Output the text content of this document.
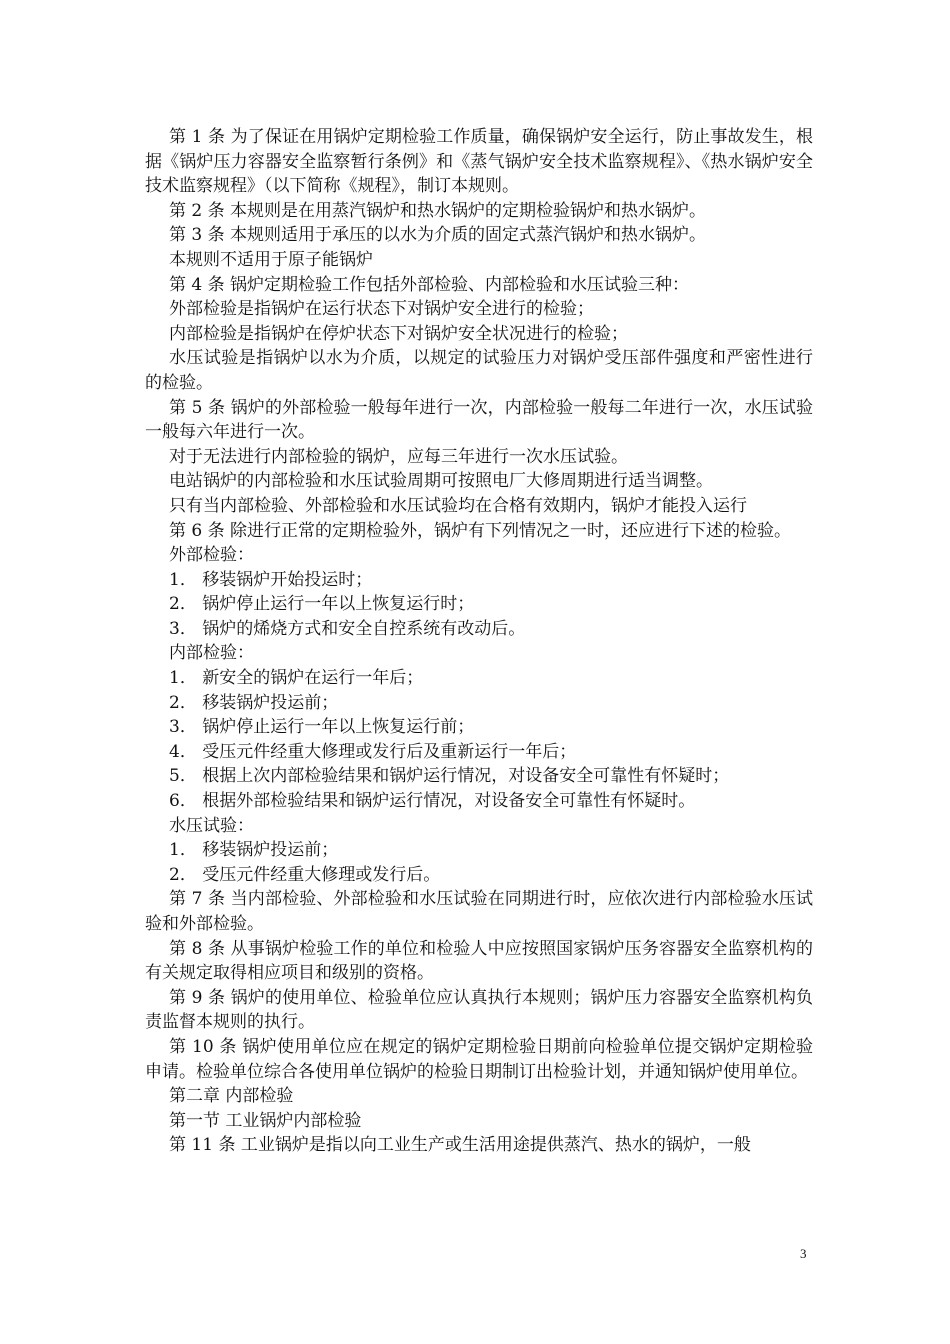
第 1 条 为了保证在用锅炉定期检验工作质量，确保锅炉安全运行，防止事故发生，根据《锅炉压力容器安全监察暂行条例》和《蒸气锅炉安全技术监察规程》、《热水锅炉安全技术监察规程》（以下简称《规程》，制订本规则。

第 2 条 本规则是在用蒸汽锅炉和热水锅炉的定期检验锅炉和热水锅炉。

第 3 条 本规则适用于承压的以水为介质的固定式蒸汽锅炉和热水锅炉。

本规则不适用于原子能锅炉

第 4 条 锅炉定期检验工作包括外部检验、内部检验和水压试验三种：

外部检验是指锅炉在运行状态下对锅炉安全进行的检验；

内部检验是指锅炉在停炉状态下对锅炉安全状况进行的检验；

水压试验是指锅炉以水为介质，以规定的试验压力对锅炉受压部件强度和严密性进行的检验。

第 5 条 锅炉的外部检验一般每年进行一次，内部检验一般每二年进行一次，水压试验一般每六年进行一次。

对于无法进行内部检验的锅炉，应每三年进行一次水压试验。

电站锅炉的内部检验和水压试验周期可按照电厂大修周期进行适当调整。

只有当内部检验、外部检验和水压试验均在合格有效期内，锅炉才能投入运行

第 6 条 除进行正常的定期检验外，锅炉有下列情况之一时，还应进行下述的检验。

外部检验：

1． 移装锅炉开始投运时；

2． 锅炉停止运行一年以上恢复运行时；

3． 锅炉的烯烧方式和安全自控系统有改动后。

内部检验：

1． 新安全的锅炉在运行一年后；

2． 移装锅炉投运前；

3． 锅炉停止运行一年以上恢复运行前；

4． 受压元件经重大修理或发行后及重新运行一年后；

5． 根据上次内部检验结果和锅炉运行情况，对设备安全可靠性有怀疑时；

6． 根据外部检验结果和锅炉运行情况，对设备安全可靠性有怀疑时。

水压试验：

1． 移装锅炉投运前；

2． 受压元件经重大修理或发行后。

第 7 条 当内部检验、外部检验和水压试验在同期进行时，应依次进行内部检验水压试验和外部检验。

第 8 条 从事锅炉检验工作的单位和检验人中应按照国家锅炉压务容器安全监察机构的有关规定取得相应项目和级别的资格。

第 9 条 锅炉的使用单位、检验单位应认真执行本规则；锅炉压力容器安全监察机构负责监督本规则的执行。

第 10 条 锅炉使用单位应在规定的锅炉定期检验日期前向检验单位提交锅炉定期检验申请。检验单位综合各使用单位锅炉的检验日期制订出检验计划，并通知锅炉使用单位。

第二章 内部检验

第一节 工业锅炉内部检验

第 11 条 工业锅炉是指以向工业生产或生活用途提供蒸汽、热水的锅炉，一般

3
